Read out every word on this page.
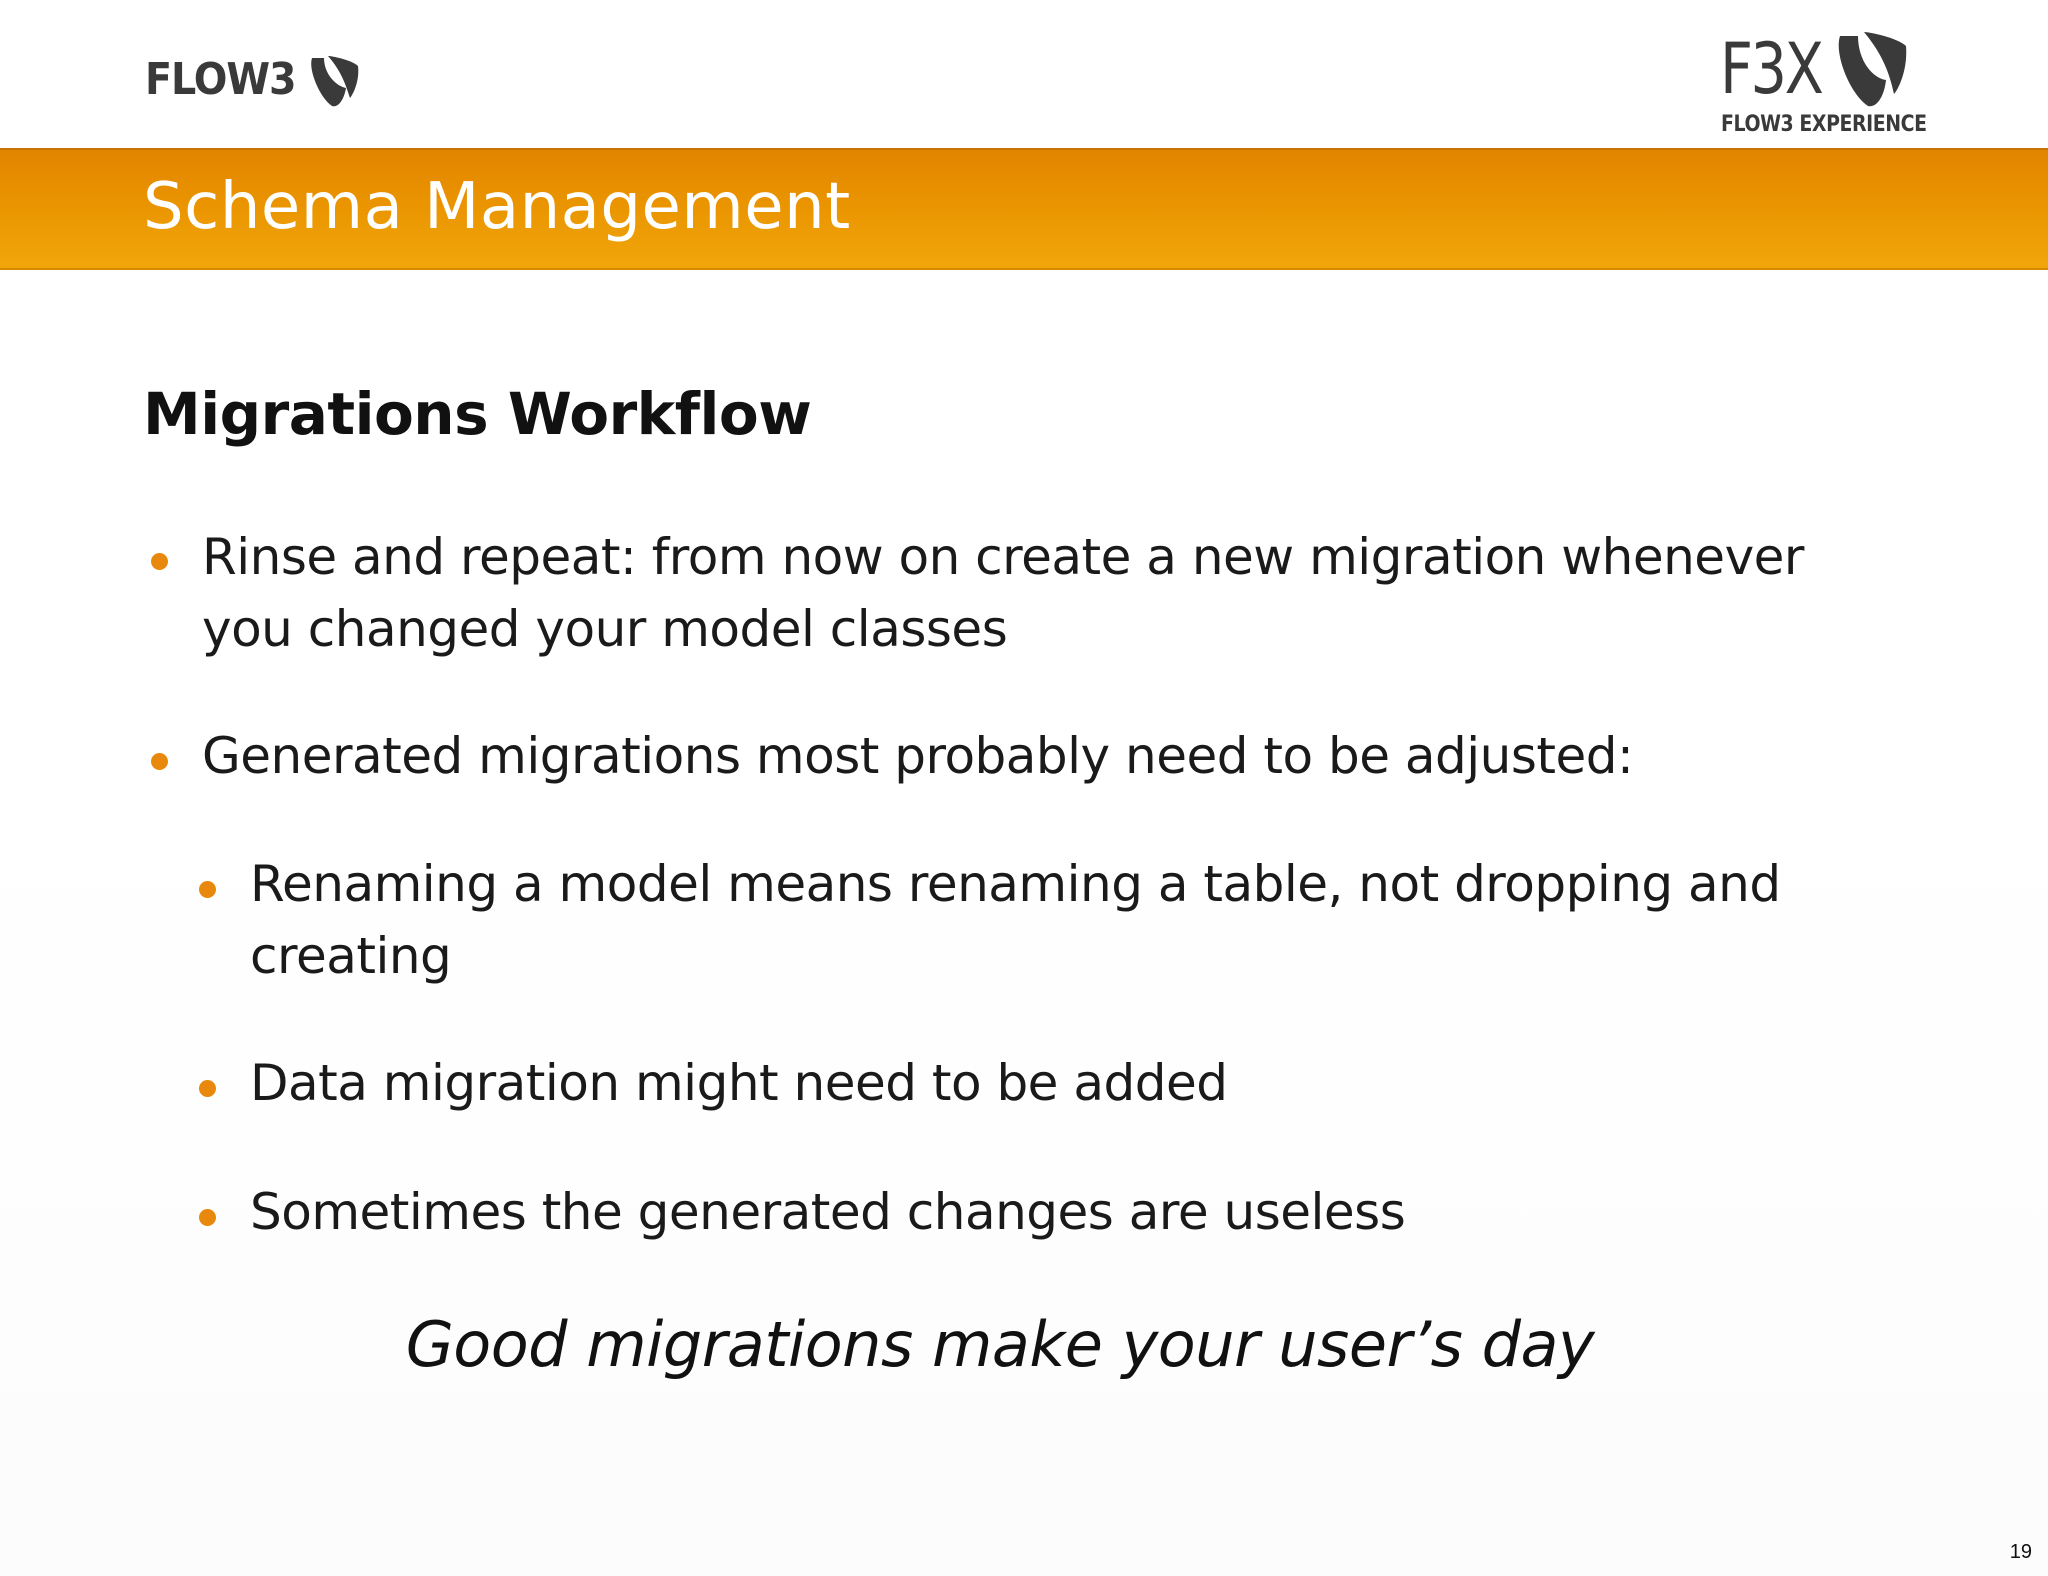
FLOW3	F3X
FLOW3 EXPERIENCE
Schema Management
Migrations Workflow
Rinse and repeat: from now on create a new migration whenever you changed your model classes
Generated migrations most probably need to be adjusted:
Renaming a model means renaming a table, not dropping and creating
Data migration might need to be added
Sometimes the generated changes are useless
Good migrations make your user’s day
19
